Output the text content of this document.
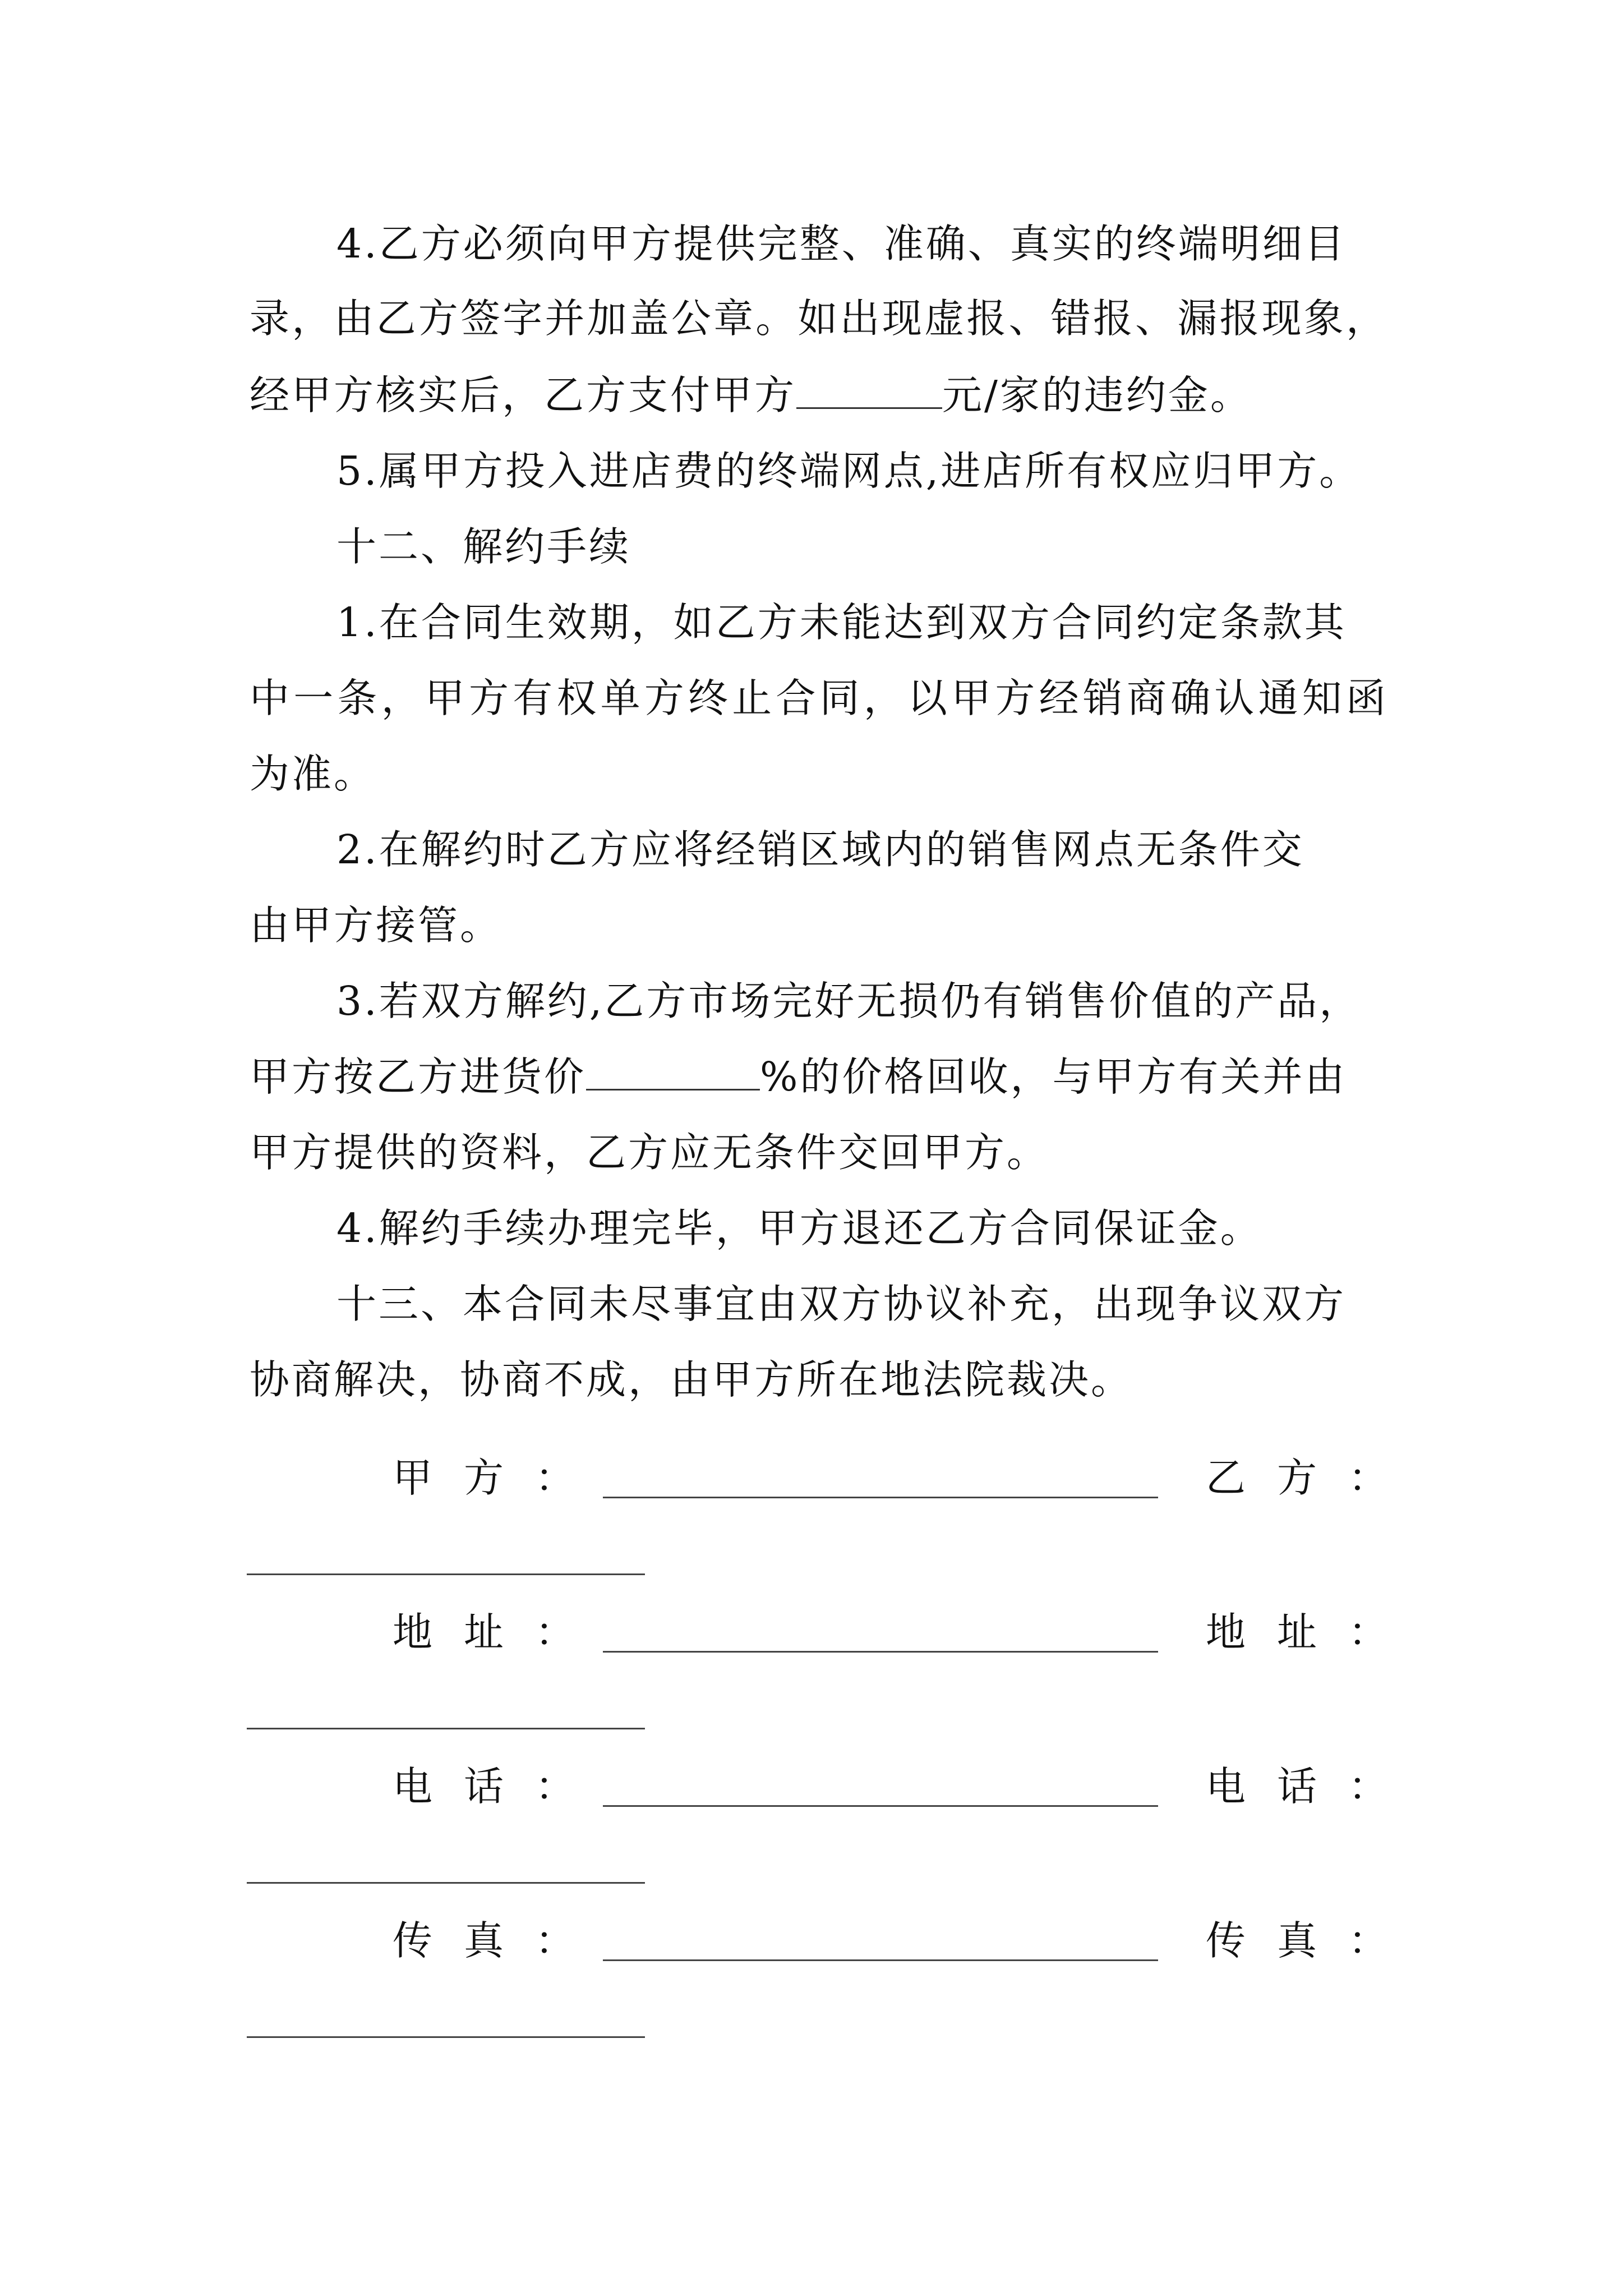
4.乙方必须向甲方提供完整、准确、真实的终端明细目
录，由乙方签字并加盖公章。如出现虚报、错报、漏报现象，
经甲方核实后，乙方支付甲方	元/家的违约金。
5.属甲方投入进店费的终端网点,进店所有权应归甲方。
十二、解约手续
1.在合同生效期，如乙方未能达到双方合同约定条款其
中一条，甲方有权单方终止合同，以甲方经销商确认通知函
为准。
2.在解约时乙方应将经销区域内的销售网点无条件交
由甲方接管。
3.若双方解约,乙方市场完好无损仍有销售价值的产品，
甲方按乙方进货价	%的价格回收，与甲方有关并由
甲方提供的资料，乙方应无条件交回甲方。
4.解约手续办理完毕，甲方退还乙方合同保证金。
十三、本合同未尽事宜由双方协议补充，出现争议双方
协商解决，协商不成，由甲方所在地法院裁决。
甲 方 ：	乙 方 ：
地 址 ：	地 址 ：
电 话 ：	电 话 ：
传 真 ：	传 真 ：
